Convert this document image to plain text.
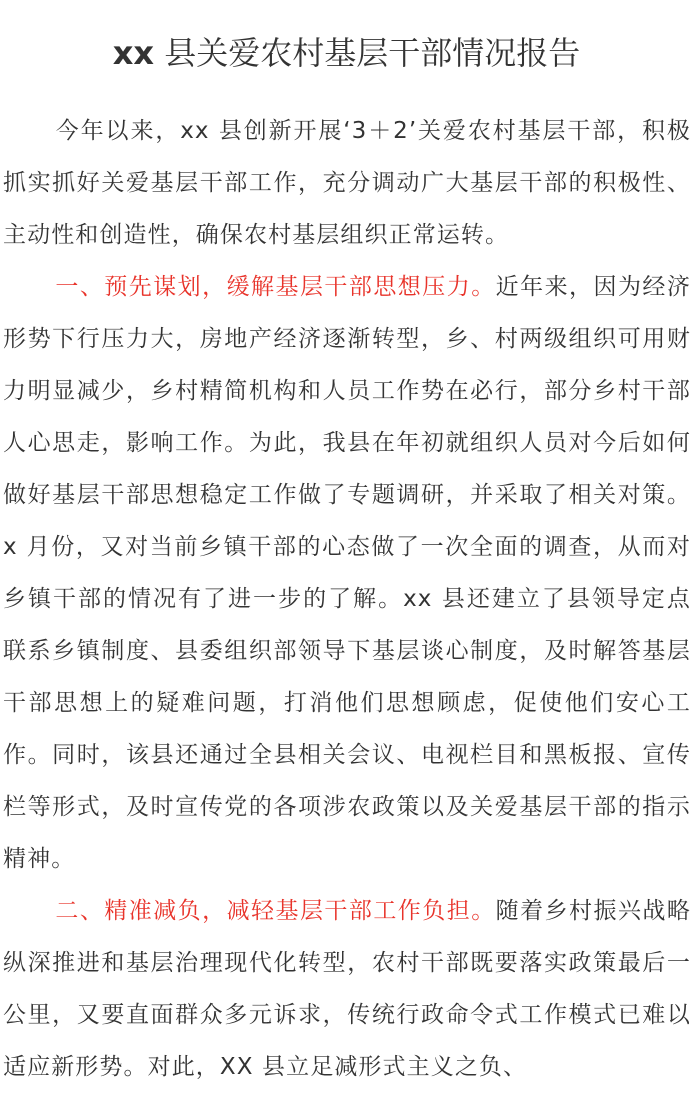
xx 县关爱农村基层干部情况报告

今年以来，xx 县创新开展‘3＋2’关爱农村基层干部，积极抓实抓好关爱基层干部工作，充分调动广大基层干部的积极性、主动性和创造性，确保农村基层组织正常运转。

一、预先谋划，缓解基层干部思想压力。近年来，因为经济形势下行压力大，房地产经济逐渐转型，乡、村两级组织可用财力明显减少，乡村精简机构和人员工作势在必行，部分乡村干部人心思走，影响工作。为此，我县在年初就组织人员对今后如何做好基层干部思想稳定工作做了专题调研，并采取了相关对策。x 月份，又对当前乡镇干部的心态做了一次全面的调查，从而对乡镇干部的情况有了进一步的了解。xx 县还建立了县领导定点联系乡镇制度、县委组织部领导下基层谈心制度，及时解答基层干部思想上的疑难问题，打消他们思想顾虑，促使他们安心工作。同时，该县还通过全县相关会议、电视栏目和黑板报、宣传栏等形式，及时宣传党的各项涉农政策以及关爱基层干部的指示精神。

二、精准减负，减轻基层干部工作负担。随着乡村振兴战略纵深推进和基层治理现代化转型，农村干部既要落实政策最后一公里，又要直面群众多元诉求，传统行政命令式工作模式已难以适应新形势。对此，XX 县立足减形式主义之负、
